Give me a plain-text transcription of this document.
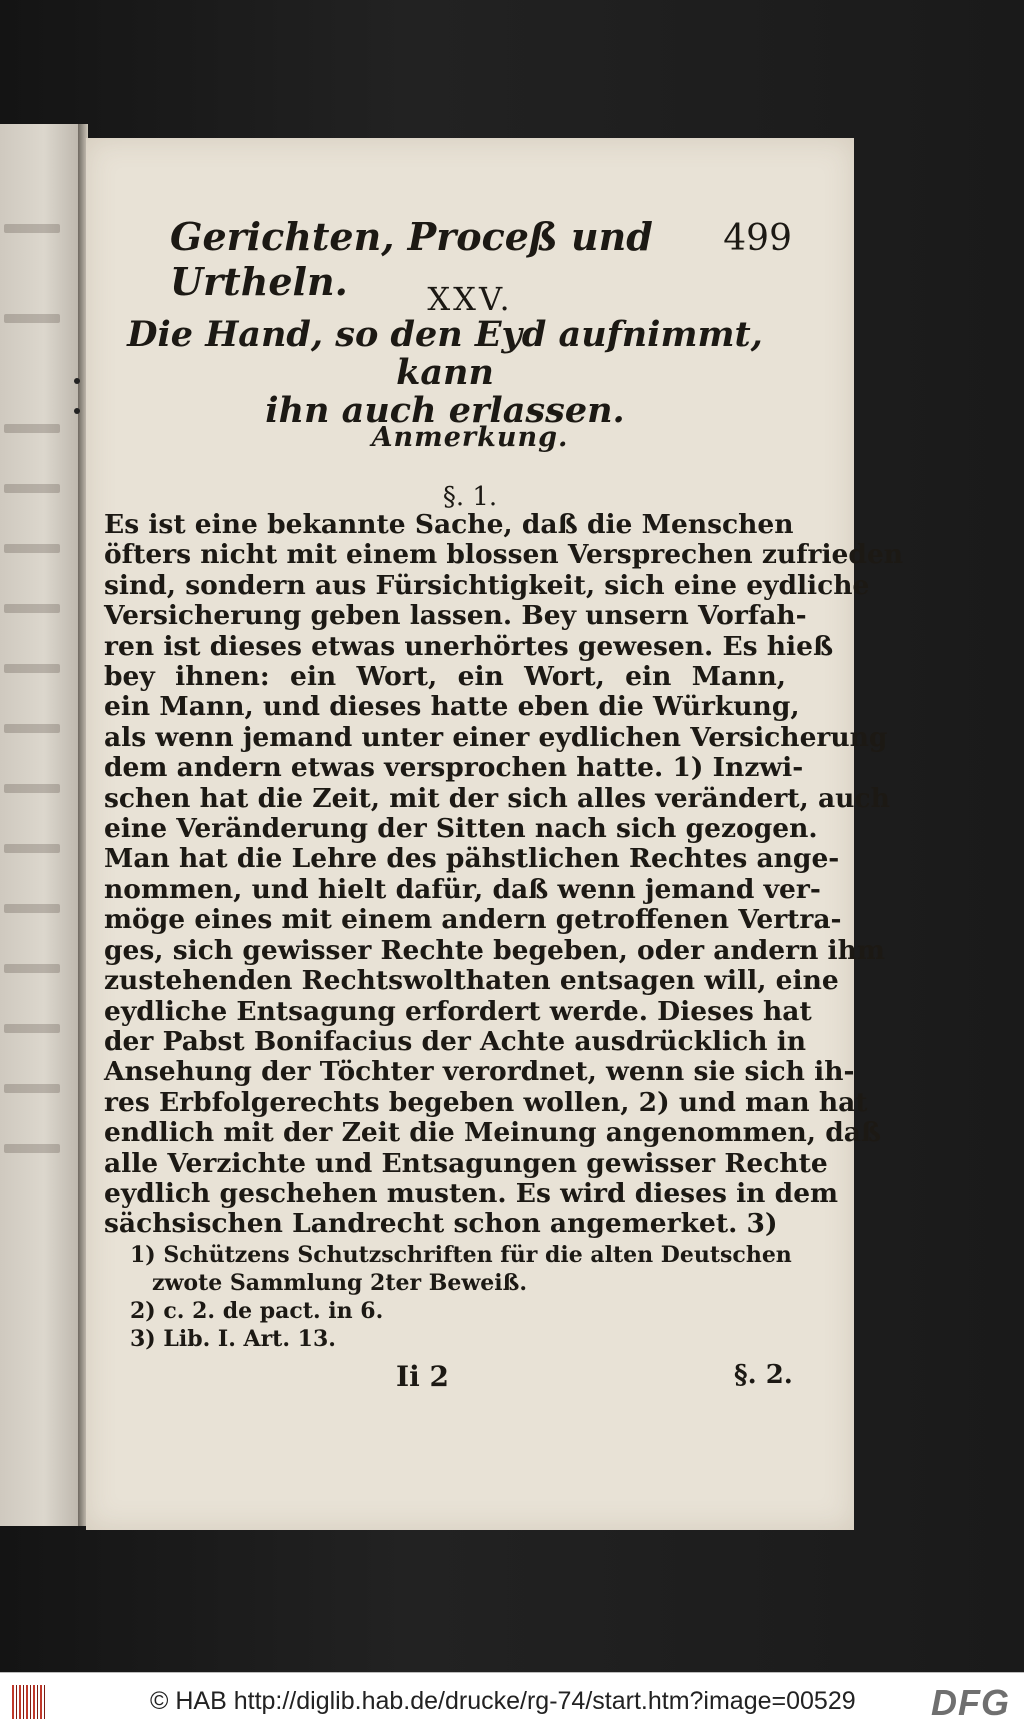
Gerichten, Proceß und Urtheln.
499
XXV.
Die Hand, so den Eyd aufnimmt, kann
ihn auch erlassen.
Anmerkung.
§. 1.
Es ist eine bekannte Sache, daß die Menschen
öfters nicht mit einem blossen Versprechen zufrieden
sind, sondern aus Fürsichtigkeit, sich eine eydliche
Versicherung geben lassen. Bey unsern Vorfah-
ren ist dieses etwas unerhörtes gewesen. Es hieß
bey ihnen: ein Wort, ein Wort, ein Mann,
ein Mann, und dieses hatte eben die Würkung,
als wenn jemand unter einer eydlichen Versicherung
dem andern etwas versprochen hatte. 1) Inzwi-
schen hat die Zeit, mit der sich alles verändert, auch
eine Veränderung der Sitten nach sich gezogen.
Man hat die Lehre des pähstlichen Rechtes ange-
nommen, und hielt dafür, daß wenn jemand ver-
möge eines mit einem andern getroffenen Vertra-
ges, sich gewisser Rechte begeben, oder andern ihm
zustehenden Rechtswolthaten entsagen will, eine
eydliche Entsagung erfordert werde. Dieses hat
der Pabst Bonifacius der Achte ausdrücklich in
Ansehung der Töchter verordnet, wenn sie sich ih-
res Erbfolgerechts begeben wollen, 2) und man hat
endlich mit der Zeit die Meinung angenommen, daß
alle Verzichte und Entsagungen gewisser Rechte
eydlich geschehen musten. Es wird dieses in dem
sächsischen Landrecht schon angemerket. 3)
1) Schützens Schutzschriften für die alten Deutschen
zwote Sammlung 2ter Beweiß.
2) c. 2. de pact. in 6.
3) Lib. I. Art. 13.
Ii 2	§. 2.
© HAB http://diglib.hab.de/drucke/rg-74/start.htm?image=00529 DFG
